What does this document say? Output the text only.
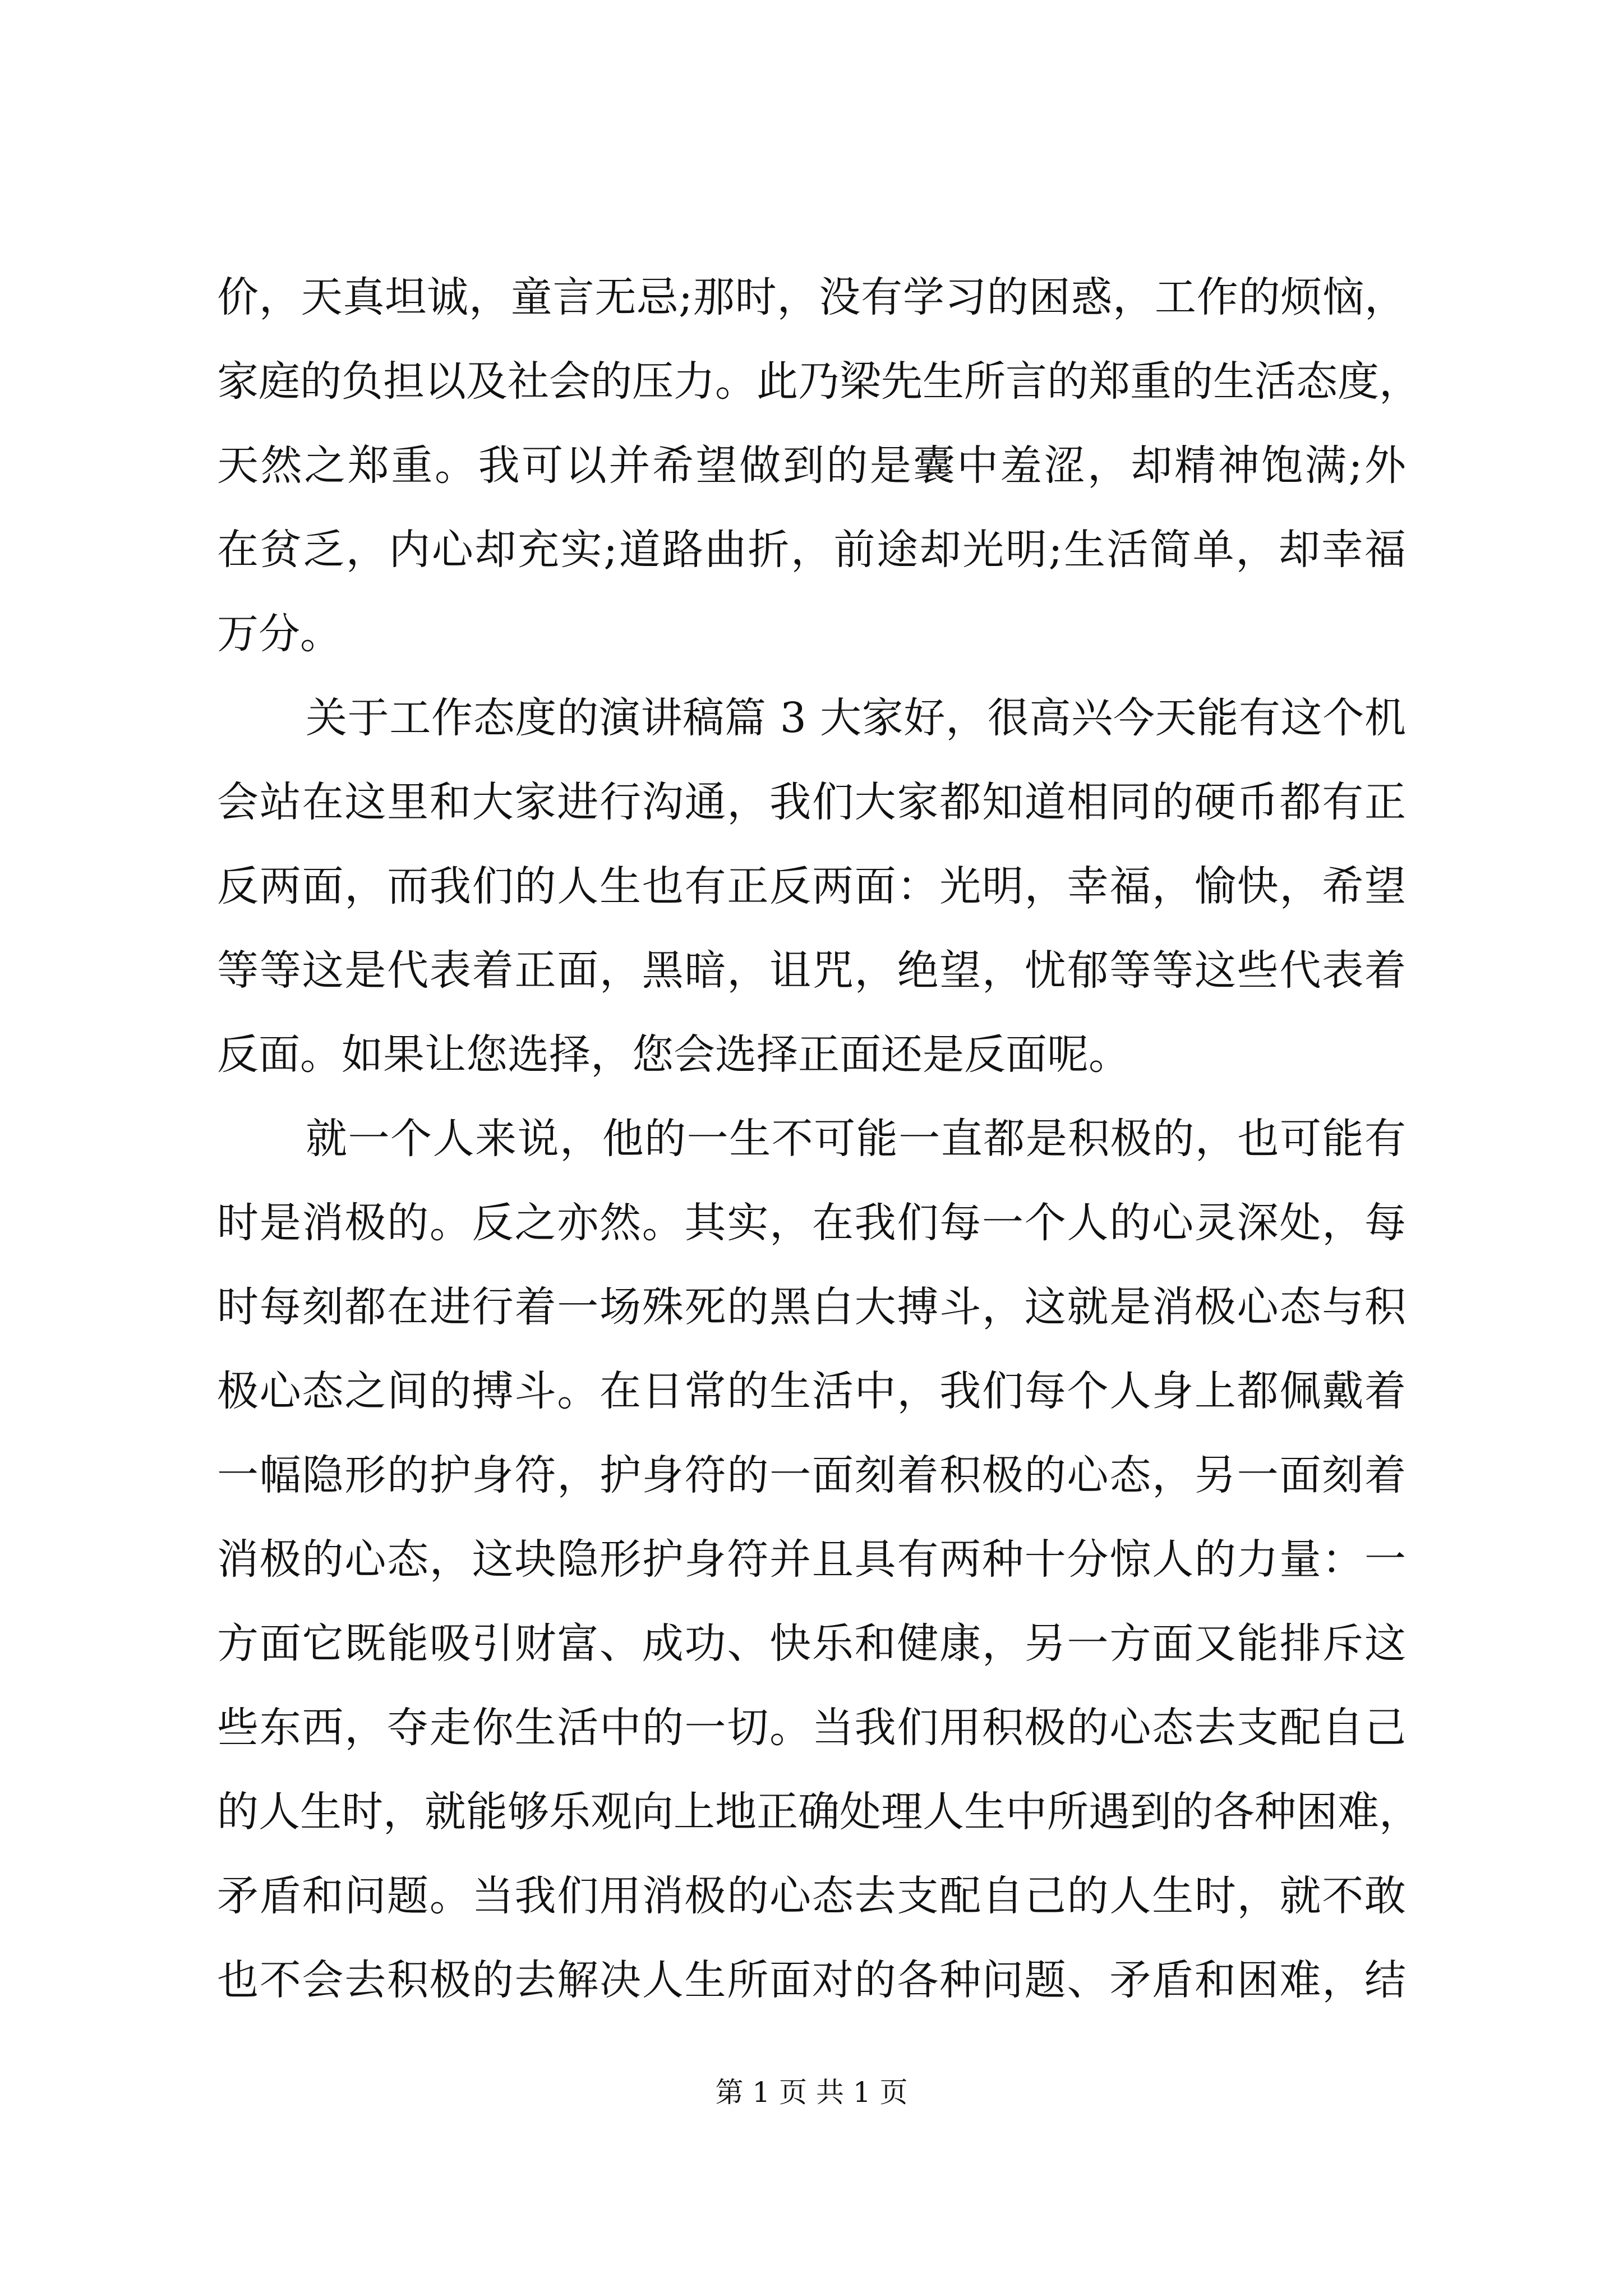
价，天真坦诚，童言无忌;那时，没有学习的困惑，工作的烦恼，
家庭的负担以及社会的压力。此乃梁先生所言的郑重的生活态度，
天然之郑重。我可以并希望做到的是囊中羞涩，却精神饱满;外
在贫乏，内心却充实;道路曲折，前途却光明;生活简单，却幸福
万分。
关于工作态度的演讲稿篇 3 大家好，很高兴今天能有这个机
会站在这里和大家进行沟通，我们大家都知道相同的硬币都有正
反两面，而我们的人生也有正反两面：光明，幸福，愉快，希望
等等这是代表着正面，黑暗，诅咒，绝望，忧郁等等这些代表着
反面。如果让您选择，您会选择正面还是反面呢。
就一个人来说，他的一生不可能一直都是积极的，也可能有
时是消极的。反之亦然。其实，在我们每一个人的心灵深处，每
时每刻都在进行着一场殊死的黑白大搏斗，这就是消极心态与积
极心态之间的搏斗。在日常的生活中，我们每个人身上都佩戴着
一幅隐形的护身符，护身符的一面刻着积极的心态，另一面刻着
消极的心态，这块隐形护身符并且具有两种十分惊人的力量：一
方面它既能吸引财富、成功、快乐和健康，另一方面又能排斥这
些东西，夺走你生活中的一切。当我们用积极的心态去支配自己
的人生时，就能够乐观向上地正确处理人生中所遇到的各种困难，
矛盾和问题。当我们用消极的心态去支配自己的人生时，就不敢
也不会去积极的去解决人生所面对的各种问题、矛盾和困难，结
第 1 页 共 1 页
